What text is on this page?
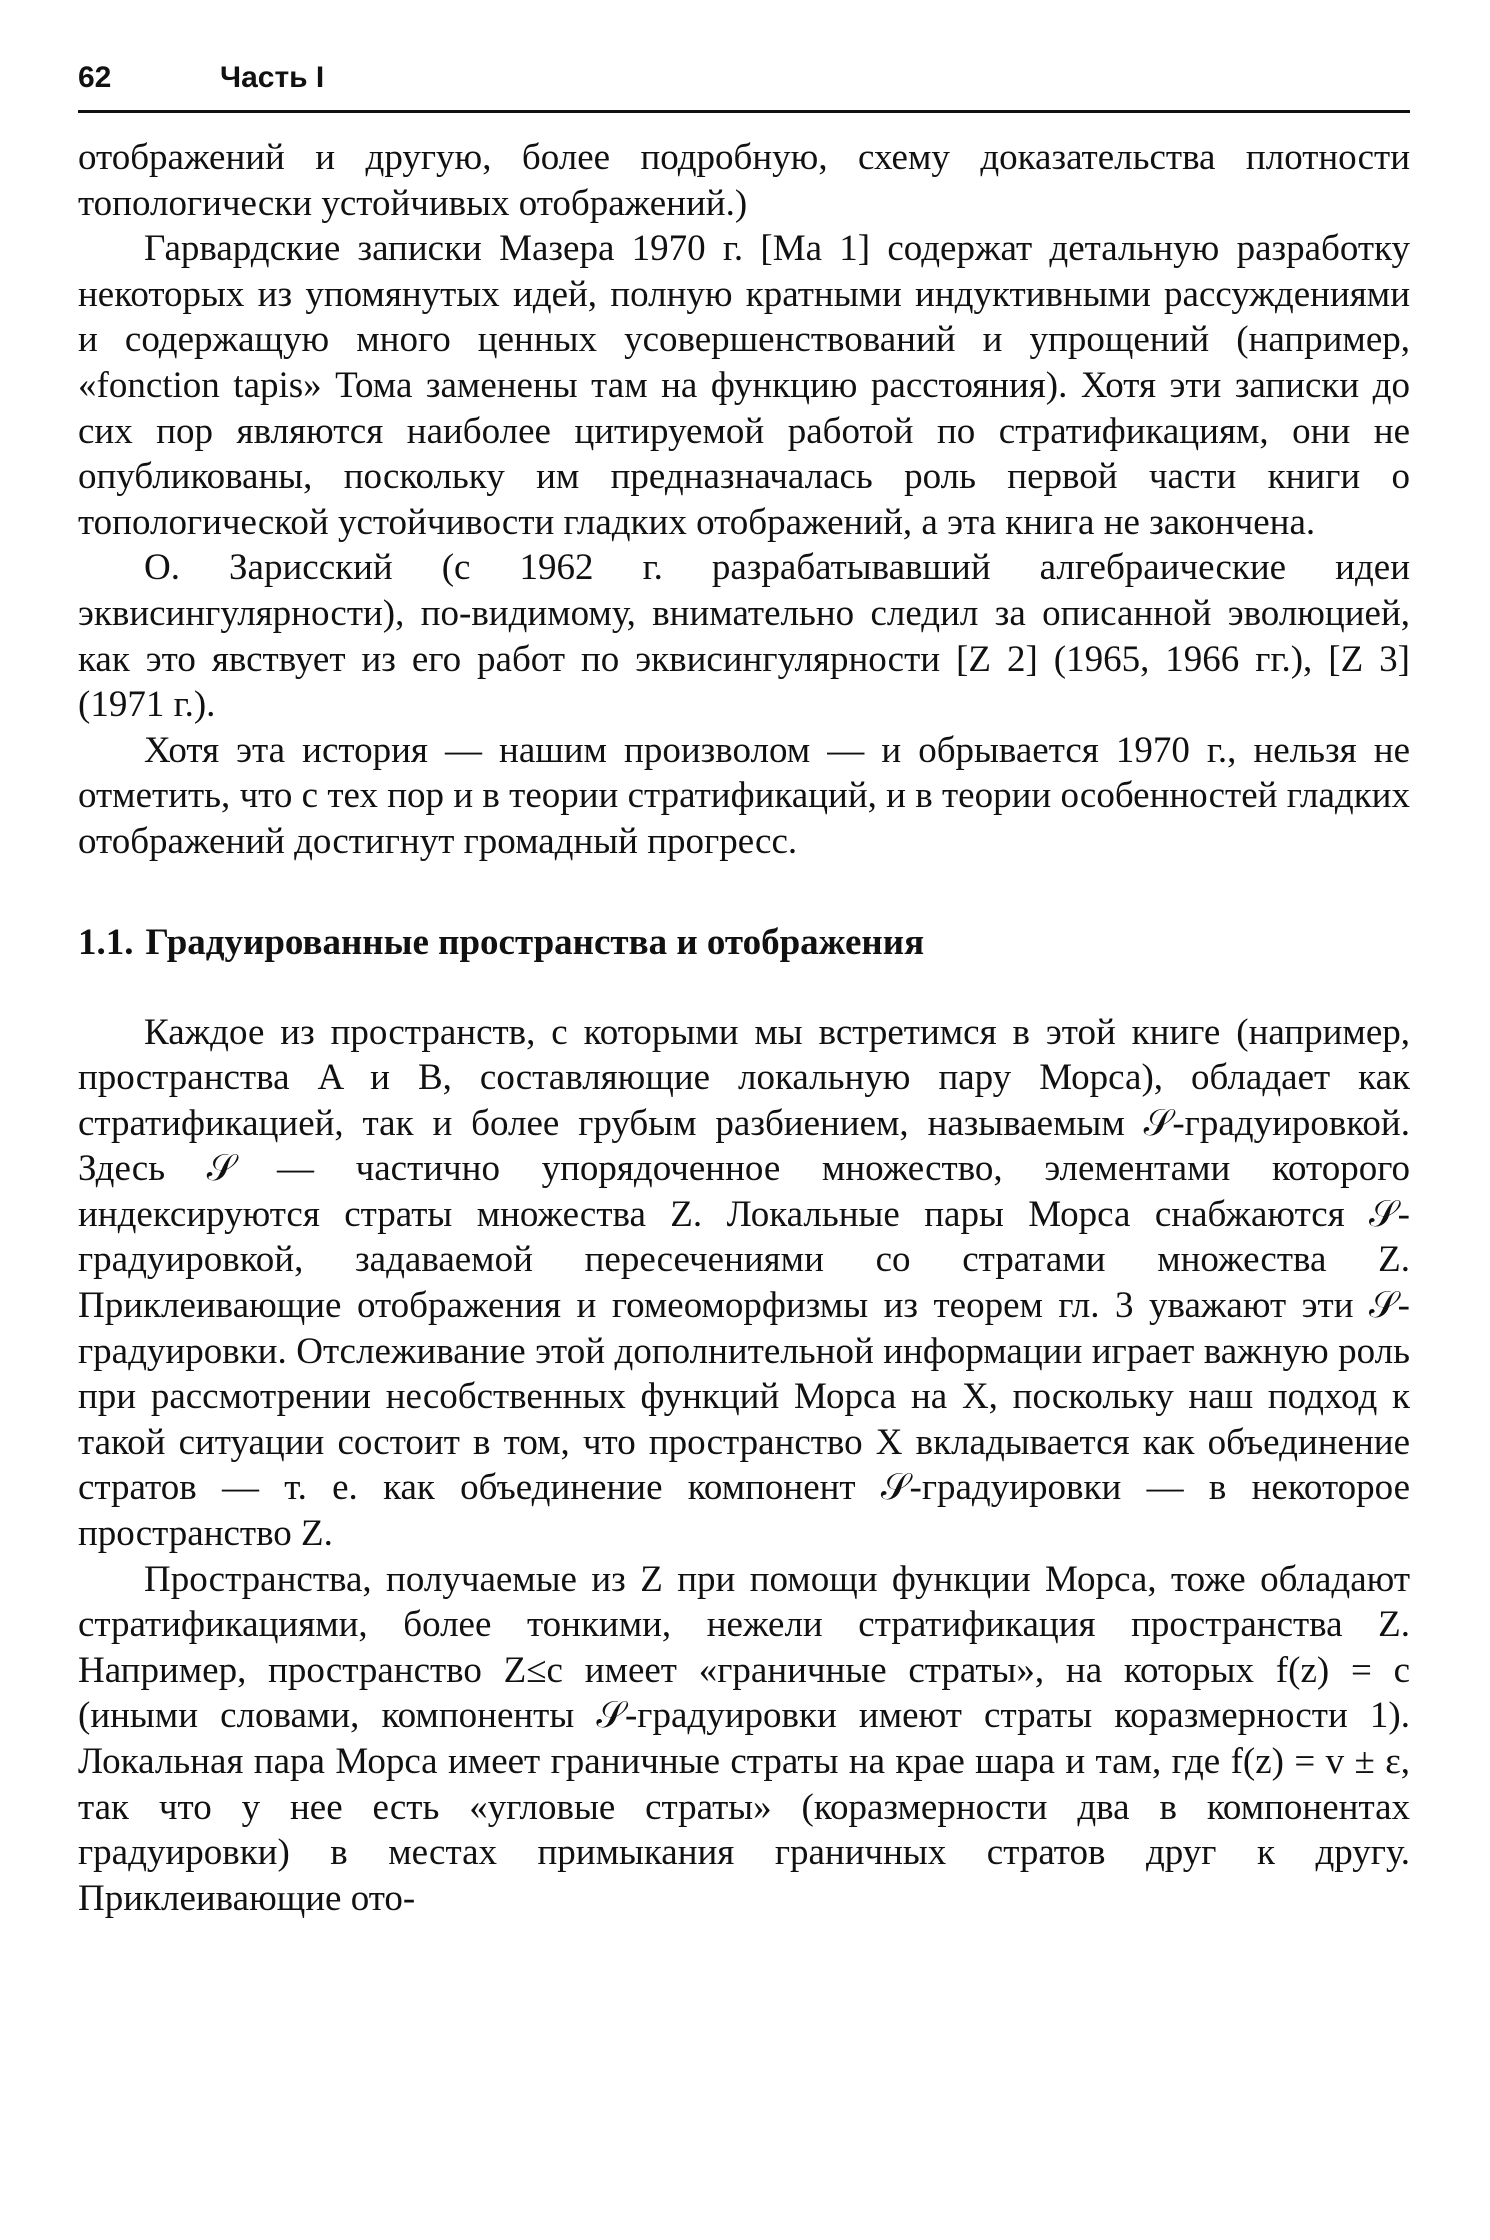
62	Часть I

отображений и другую, более подробную, схему доказательства плотности топологически устойчивых отображений.)

Гарвардские записки Мазера 1970 г. [Ma 1] содержат детальную разработку некоторых из упомянутых идей, полную кратными индуктивными рассуждениями и содержащую много ценных усовершенствований и упрощений (например, «fonction tapis» Тома заменены там на функцию расстояния). Хотя эти записки до сих пор являются наиболее цитируемой работой по стратификациям, они не опубликованы, поскольку им предназначалась роль первой части книги о топологической устойчивости гладких отображений, а эта книга не закончена.

О. Зарисский (с 1962 г. разрабатывавший алгебраические идеи эквисингулярности), по-видимому, внимательно следил за описанной эволюцией, как это явствует из его работ по эквисингулярности [Z 2] (1965, 1966 гг.), [Z 3] (1971 г.).

Хотя эта история — нашим произволом — и обрывается 1970 г., нельзя не отметить, что с тех пор и в теории стратификаций, и в теории особенностей гладких отображений достигнут громадный прогресс.

1.1. Градуированные пространства и отображения

Каждое из пространств, с которыми мы встретимся в этой книге (например, пространства A и B, составляющие локальную пару Морса), обладает как стратификацией, так и более грубым разбиением, называемым 𝒮-градуировкой. Здесь 𝒮 — частично упорядоченное множество, элементами которого индексируются страты множества Z. Локальные пары Морса снабжаются 𝒮-градуировкой, задаваемой пересечениями со стратами множества Z. Приклеивающие отображения и гомеоморфизмы из теорем гл. 3 уважают эти 𝒮-градуировки. Отслеживание этой дополнительной информации играет важную роль при рассмотрении несобственных функций Морса на X, поскольку наш подход к такой ситуации состоит в том, что пространство X вкладывается как объединение стратов — т. е. как объединение компонент 𝒮-градуировки — в некоторое пространство Z.

Пространства, получаемые из Z при помощи функции Морса, тоже обладают стратификациями, более тонкими, нежели стратификация пространства Z. Например, пространство Z≤c имеет «граничные страты», на которых f(z) = c (иными словами, компоненты 𝒮-градуировки имеют страты коразмерности 1). Локальная пара Морса имеет граничные страты на крае шара и там, где f(z) = v ± ε, так что у нее есть «угловые страты» (коразмерности два в компонентах градуировки) в местах примыкания граничных стратов друг к другу. Приклеивающие ото-
